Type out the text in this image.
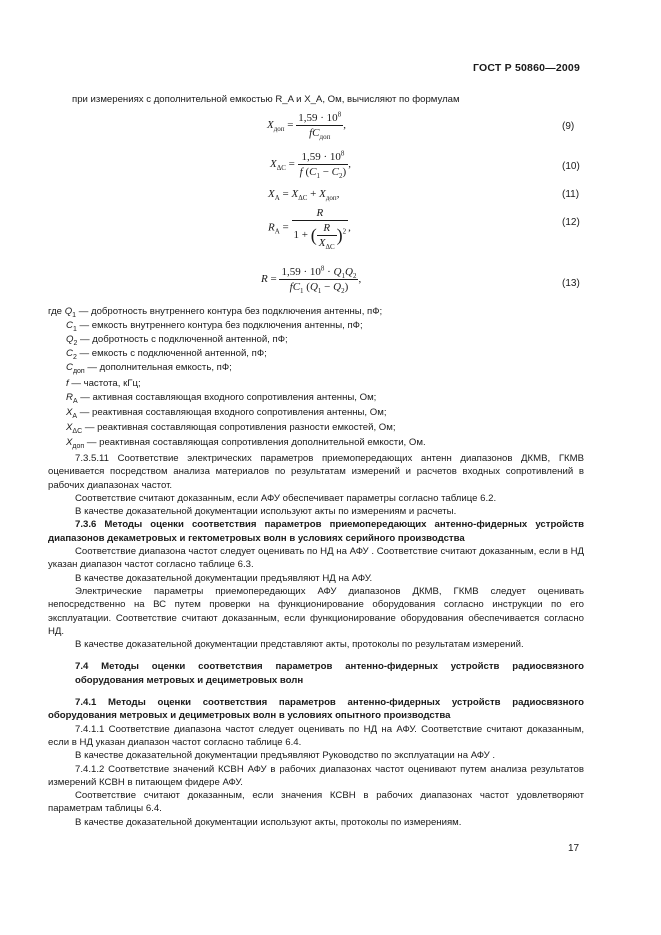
ГОСТ Р 50860—2009
при измерениях с дополнительной емкостью R_A и X_A, Ом, вычисляют по формулам
$X_{доп} = \frac{1,59 \cdot 10^8}{fC_{доп}}$ ,	(9)
$X_{\Delta C} = \frac{1,59 \cdot 10^8}{f (C_1 - C_2)}$ ,	(10)
$X_A = X_{\Delta C} + X_{доп}$,	(11)
$R_A = \frac{R}{1 + ( \frac{R}{X_{\Delta C}} )^2}$ ,	(12)
$R = \frac{1,59 \cdot 10^8 \cdot Q_1Q_2}{fC_1 (Q_1 - Q_2)}$ ,	(13)
где $Q_1$ — добротность внутреннего контура без подключения антенны, пФ;
$C_1$ — емкость внутреннего контура без подключения антенны, пФ;
$Q_2$ — добротность с подключенной антенной, пФ;
$C_2$ — емкость с подключенной антенной, пФ;
$C_{доп}$ — дополнительная емкость, пФ;
f — частота, кГц;
$R_A$ — активная составляющая входного сопротивления антенны, Ом;
$X_A$ — реактивная составляющая входного сопротивления антенны, Ом;
$X_{\Delta C}$ — реактивная составляющая сопротивления разности емкостей, Ом;
$X_{доп}$ — реактивная составляющая сопротивления дополнительной емкости, Ом.

7.3.5.11 Соответствие электрических параметров приемопередающих антенн диапазонов ДКМВ, ГКМВ оценивается посредством анализа материалов по результатам измерений и расчетов входных сопротивлений в рабочих диапазонах частот.

Соответствие считают доказанным, если АФУ обеспечивает параметры согласно таблице 6.2.

В качестве доказательной документации используют акты по измерениям и расчеты.

7.3.6 Методы оценки соответствия параметров приемопередающих антенно-фидерных устройств диапазонов декаметровых и гектометровых волн в условиях серийного производства

Соответствие диапазона частот следует оценивать по НД на АФУ . Соответствие считают доказанным, если в НД указан диапазон частот согласно таблице 6.3.

В качестве доказательной документации предъявляют НД на АФУ.

Электрические параметры приемопередающих АФУ диапазонов ДКМВ, ГКМВ следует оценивать непосредственно на ВС путем проверки на функционирование оборудования согласно инструкции по его эксплуатации. Соответствие считают доказанным, если функционирование оборудования обеспечивается согласно НД.

В качестве доказательной документации представляют акты, протоколы по результатам измерений.

7.4 Методы оценки соответствия параметров антенно-фидерных устройств радиосвязного оборудования метровых и дециметровых волн

7.4.1 Методы оценки соответствия параметров антенно-фидерных устройств радиосвязного оборудования метровых и дециметровых волн в условиях опытного производства

7.4.1.1 Соответствие диапазона частот следует оценивать по НД на АФУ. Соответствие считают доказанным, если в НД указан диапазон частот согласно таблице 6.4.

В качестве доказательной документации предъявляют Руководство по эксплуатации на АФУ .

7.4.1.2 Соответствие значений КСВН АФУ в рабочих диапазонах частот оценивают путем анализа результатов измерений КСВН в питающем фидере АФУ.

Соответствие считают доказанным, если значения КСВН в рабочих диапазонах частот удовлетворяют параметрам таблицы 6.4.

В качестве доказательной документации используют акты, протоколы по измерениям.

17
